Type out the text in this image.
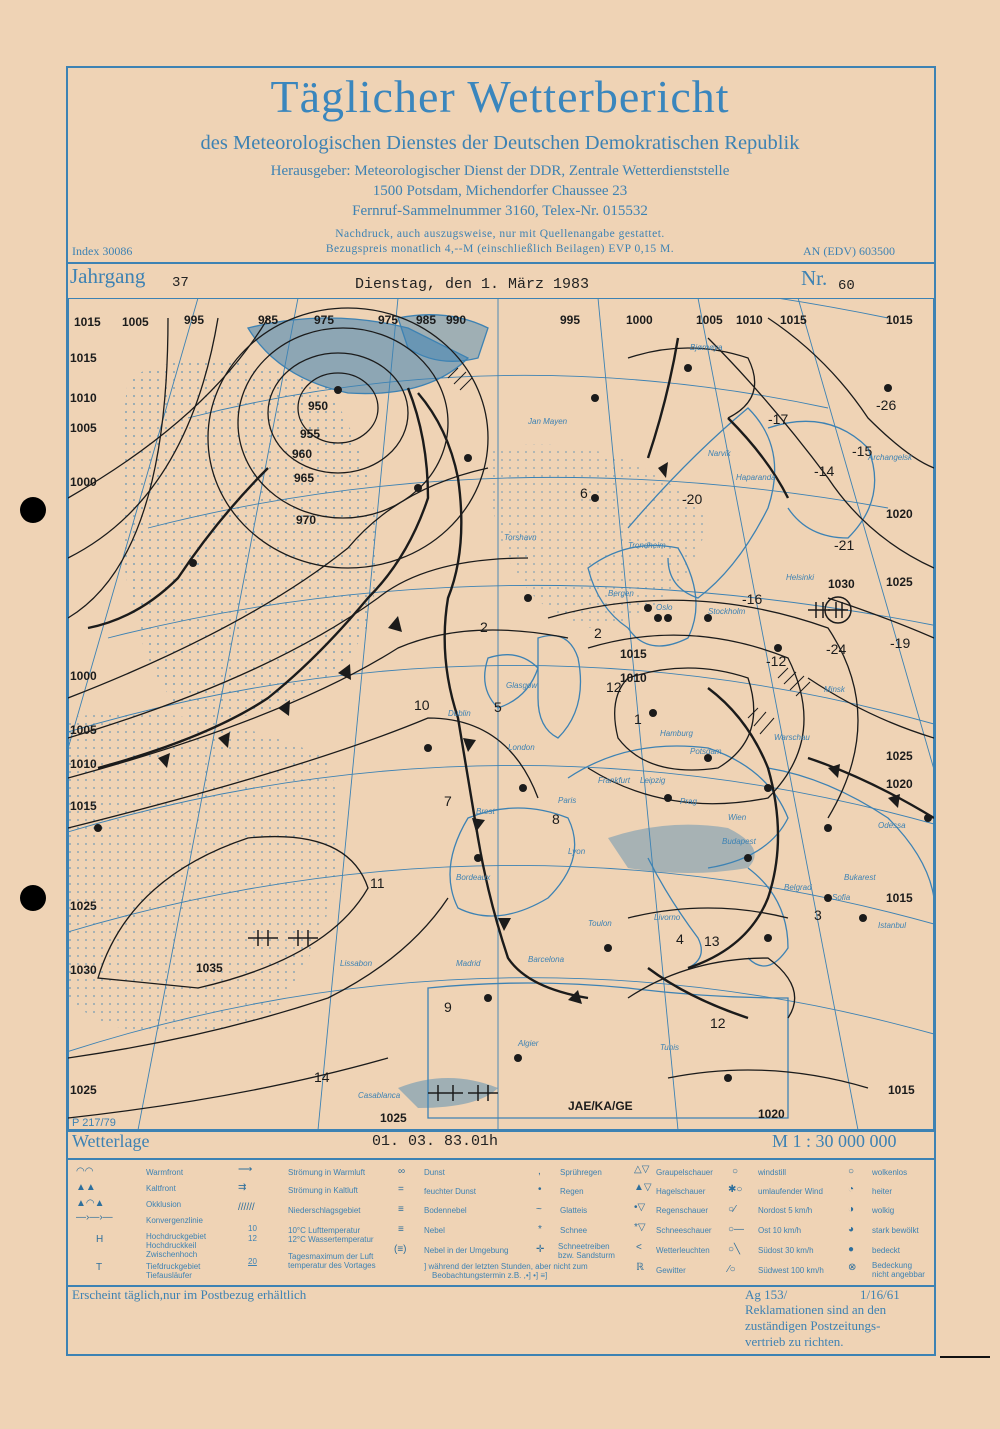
Täglicher Wetterbericht
des Meteorologischen Dienstes der Deutschen Demokratischen Republik
Herausgeber: Meteorologischer Dienst der DDR, Zentrale Wetterdienststelle
1500 Potsdam, Michendorfer Chaussee 23
Fernruf-Sammelnummer 3160, Telex-Nr. 015532
Nachdruck, auch auszugsweise, nur mit Quellenangabe gestattet.
Bezugspreis monatlich 4,--M (einschließlich Beilagen) EVP 0,15 M.
Index 30086	AN (EDV) 603500
Jahrgang 37	Dienstag, den 1. März 1983	Nr. 60
Bjørnøya
Jan Mayen
Narvik
Haparanda
Archangelsk
Trondheim
Bergen
Oslo	Stockholm
Helsinki
Glasgow
Dublin
London
Brest
Paris
Frankfurt
Hamburg
Potsdam
Leipzig
Prag
Warschau
Minsk
Odessa
Wien
Budapest
Lyon
Bordeaux
Toulon
Livorno
Belgrad
Bukarest
Sofia
Istanbul
Lissabon	Madrid	Barcelona
Algier	Tunis
Torshavn
Casablanca
1015 1005	995	985	975	975 985 990	995	1000	1005 1010 1015	1015
1015
1010
1005
1000
950
955
960
965
970
1000
1005
1010
1015
1025
1030	1035
1025
1025	1020
1015
1020
1025
1030
1015
1010
1015
1025
1020
-17
-26
-15
-14
-21
-20
-16
-24
-12
-19
12
10
2	2
6
5
8
1
9
14
13
12
3
4
11
7
P 217/79
JAE/KA/GE
Wetterlage	01. 03. 83.01h	M 1 : 30 000 000
◠◠	Warmfront
▲▲	Kaltfront
▲◠▲	Okklusion
—›—›—	Konvergenzlinie
H	Hochdruckgebiet
Hochdruckkeil
Zwischenhoch
T	Tiefdruckgebiet
Tiefausläufer
⟶	Strömung in Warmluft
⇉	Strömung in Kaltluft
//////	Niederschlagsgebiet
10
12
10°C Lufttemperatur
12°C Wassertemperatur
20
Tagesmaximum der Luft
temperatur des Vortages
∞ Dunst
=	feuchter Dunst
≡	Bodennebel
≡	Nebel
(≡) Nebel in der Umgebung
] während der letzten Stunden, aber nicht zum
Beobachtungstermin z.B. ,•] •] ≡]
, Sprühregen
• Regen
~ Glatteis
* Schnee
✛ Schneetreiben
bzw. Sandsturm
△▽ Graupelschauer
▲▽ Hagelschauer
•▽ Regenschauer
*▽ Schneeschauer
< Wetterleuchten
ℝ Gewitter
○ windstill
✱○ umlaufender Wind
○⁄	Nordost 5 km/h
○— Ost 10 km/h
○╲ Südost 30 km/h
⁄○	Südwest 100 km/h
○ wolkenlos
◔ heiter
◑ wolkig
◕ stark bewölkt
● bedeckt
⊗ Bedeckung
nicht angebbar
Erscheint täglich,nur im Postbezug erhältlich	Ag 153/	1/16/61
Reklamationen sind an den
zuständigen Postzeitungs-
vertrieb zu richten.
